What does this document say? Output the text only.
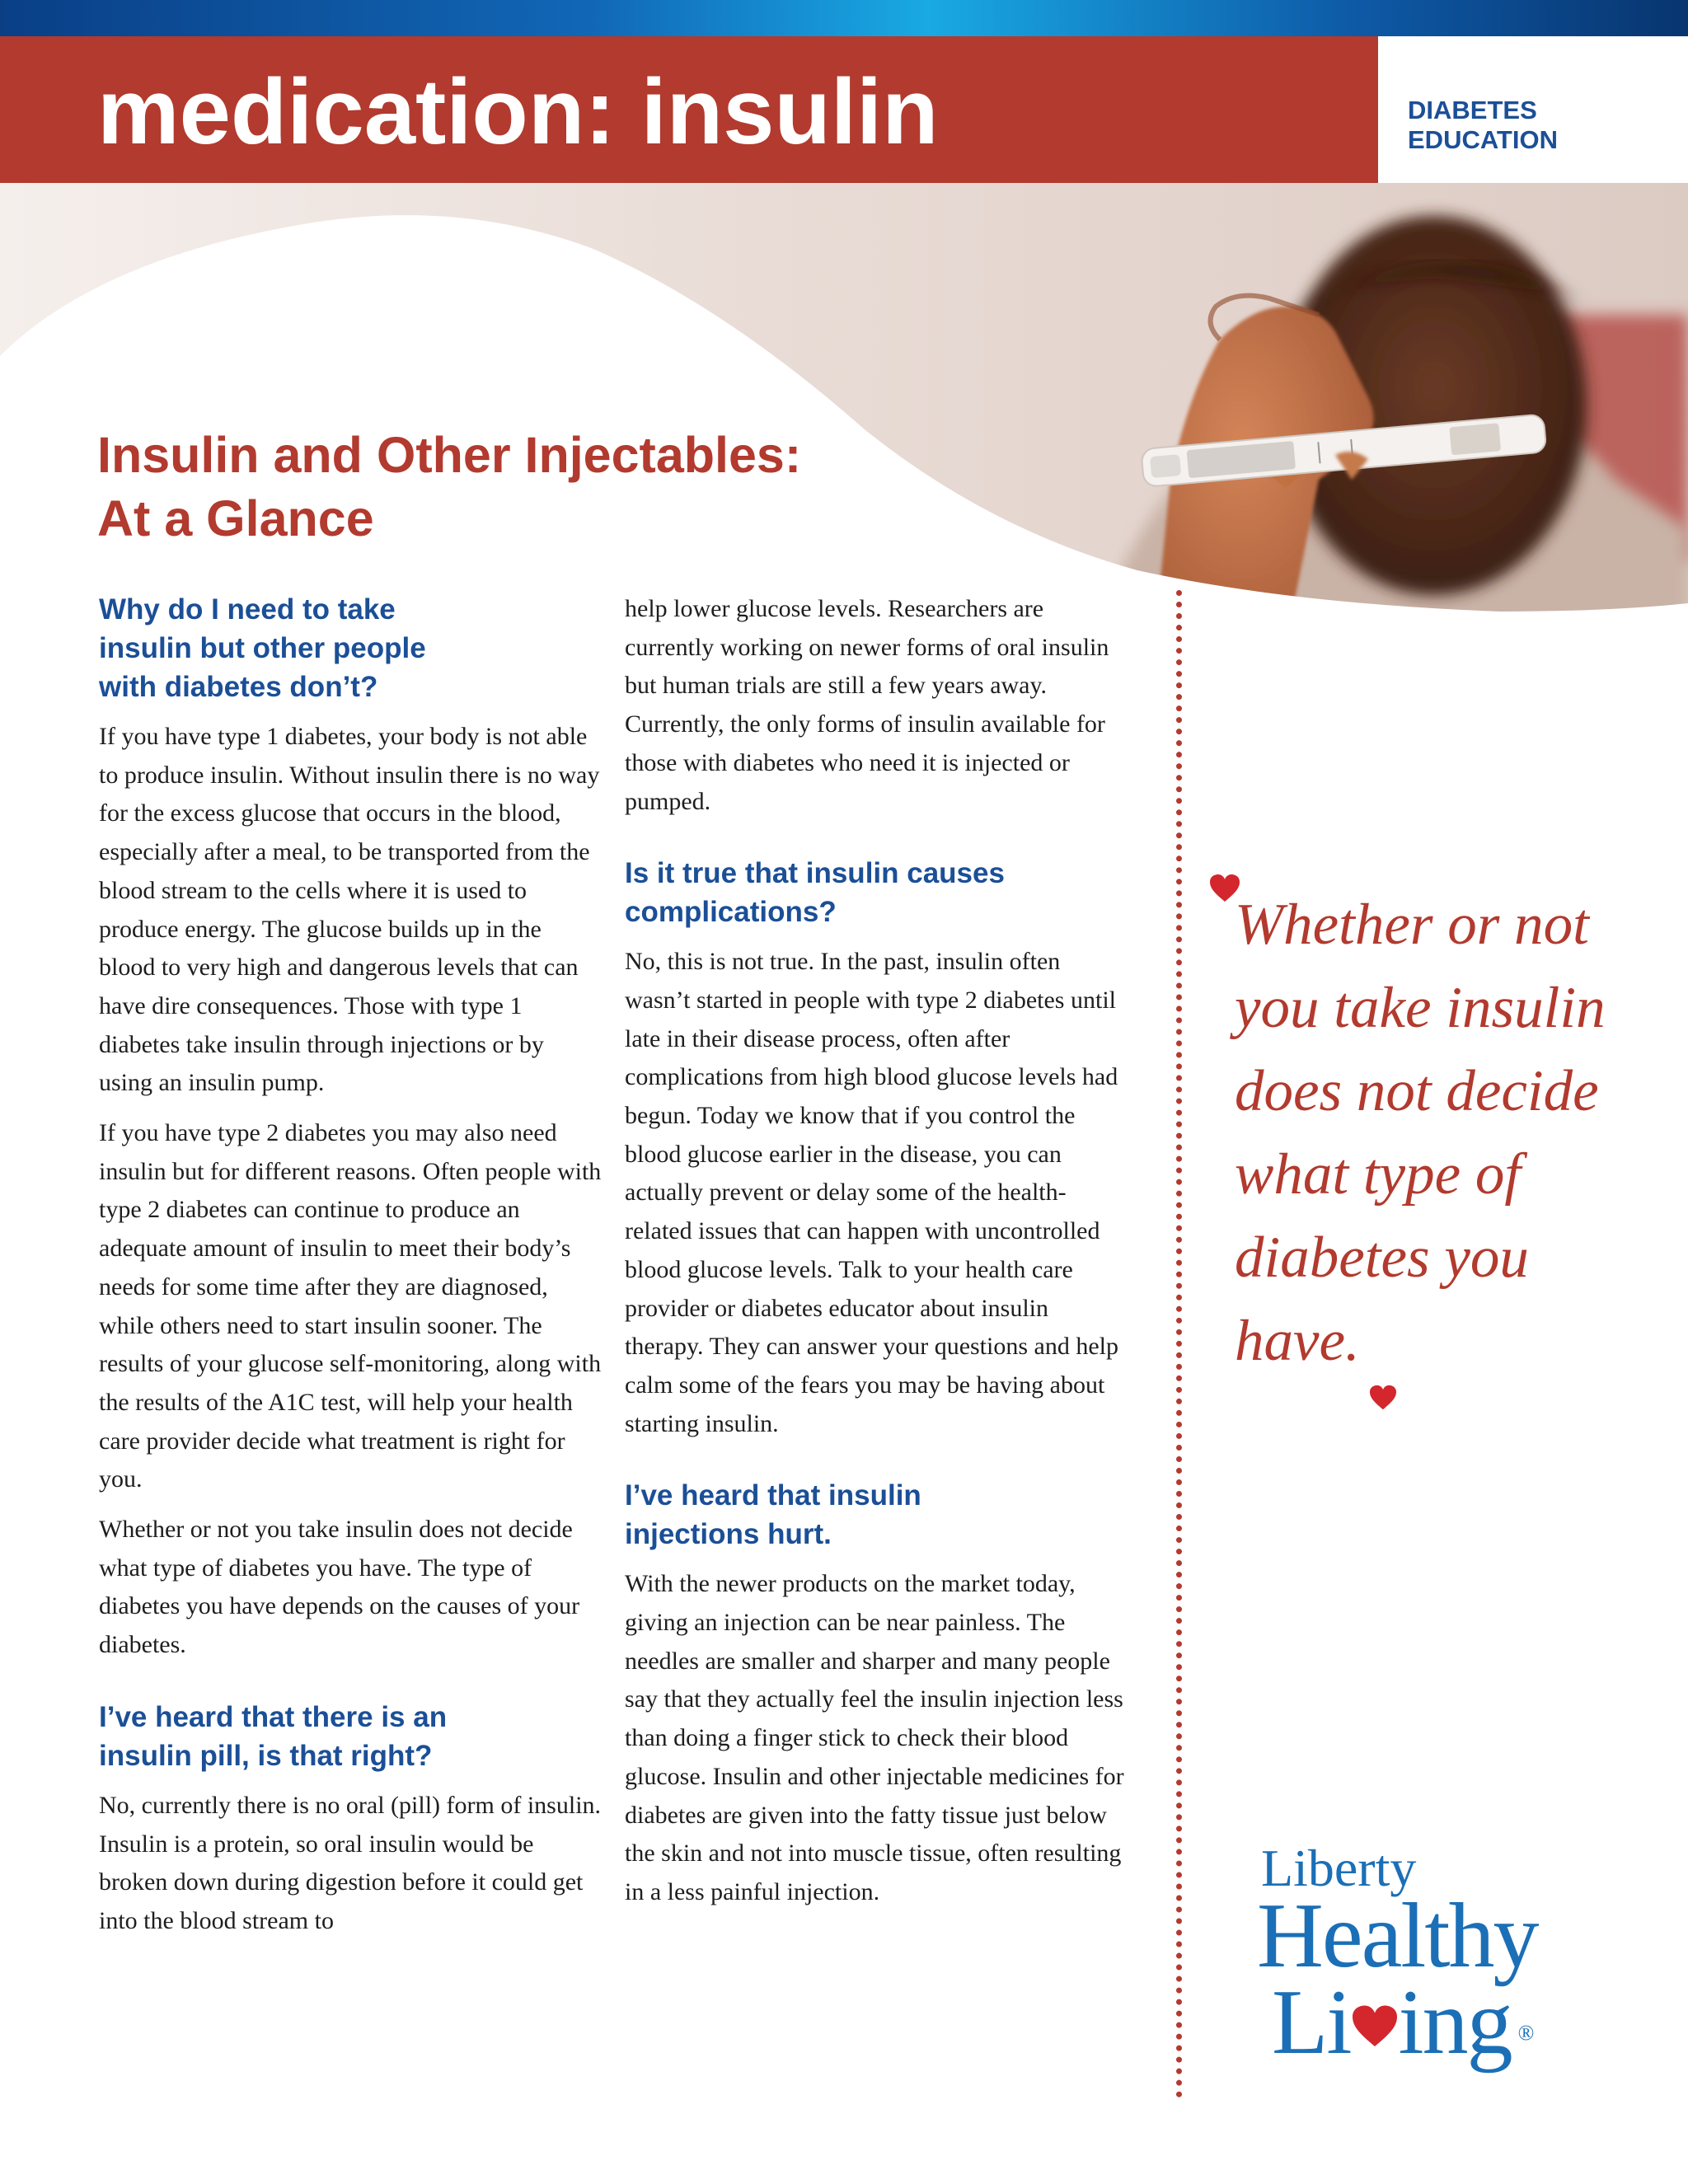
medication: insulin	DIABETES EDUCATION
Insulin and Other Injectables:
At a Glance
Why do I need to take insulin but other people with diabetes don’t?

If you have type 1 diabetes, your body is not able to produce insulin. Without insulin there is no way for the excess glucose that occurs in the blood, especially after a meal, to be transported from the blood stream to the cells where it is used to produce energy. The glucose builds up in the blood to very high and dangerous levels that can have dire consequences. Those with type 1 diabetes take insulin through injections or by using an insulin pump.

If you have type 2 diabetes you may also need insulin but for different reasons. Often people with type 2 diabetes can continue to produce an adequate amount of insulin to meet their body’s needs for some time after they are diagnosed, while others need to start insulin sooner. The results of your glucose self-monitoring, along with the results of the A1C test, will help your health care provider decide what treatment is right for you.

Whether or not you take insulin does not decide what type of diabetes you have. The type of diabetes you have depends on the causes of your diabetes.

I’ve heard that there is an insulin pill, is that right?

No, currently there is no oral (pill) form of insulin. Insulin is a protein, so oral insulin would be broken down during digestion before it could get into the blood stream to

help lower glucose levels. Researchers are currently working on newer forms of oral insulin but human trials are still a few years away. Currently, the only forms of insulin available for those with diabetes who need it is injected or pumped.

Is it true that insulin causes complications?

No, this is not true. In the past, insulin often wasn’t started in people with type 2 diabetes until late in their disease process, often after complications from high blood glucose levels had begun. Today we know that if you control the blood glucose earlier in the disease, you can actually prevent or delay some of the health-related issues that can happen with uncontrolled blood glucose levels. Talk to your health care provider or diabetes educator about insulin therapy. They can answer your questions and help calm some of the fears you may be having about starting insulin.

I’ve heard that insulin injections hurt.

With the newer products on the market today, giving an injection can be near painless. The needles are smaller and sharper and many people say that they actually feel the insulin injection less than doing a finger stick to check their blood glucose. Insulin and other injectable medicines for diabetes are given into the fatty tissue just below the skin and not into muscle tissue, often resulting in a less painful injection.

Whether or not you take insulin does not decide what type of diabetes you have.
Liberty
Healthy
Li ing ®
